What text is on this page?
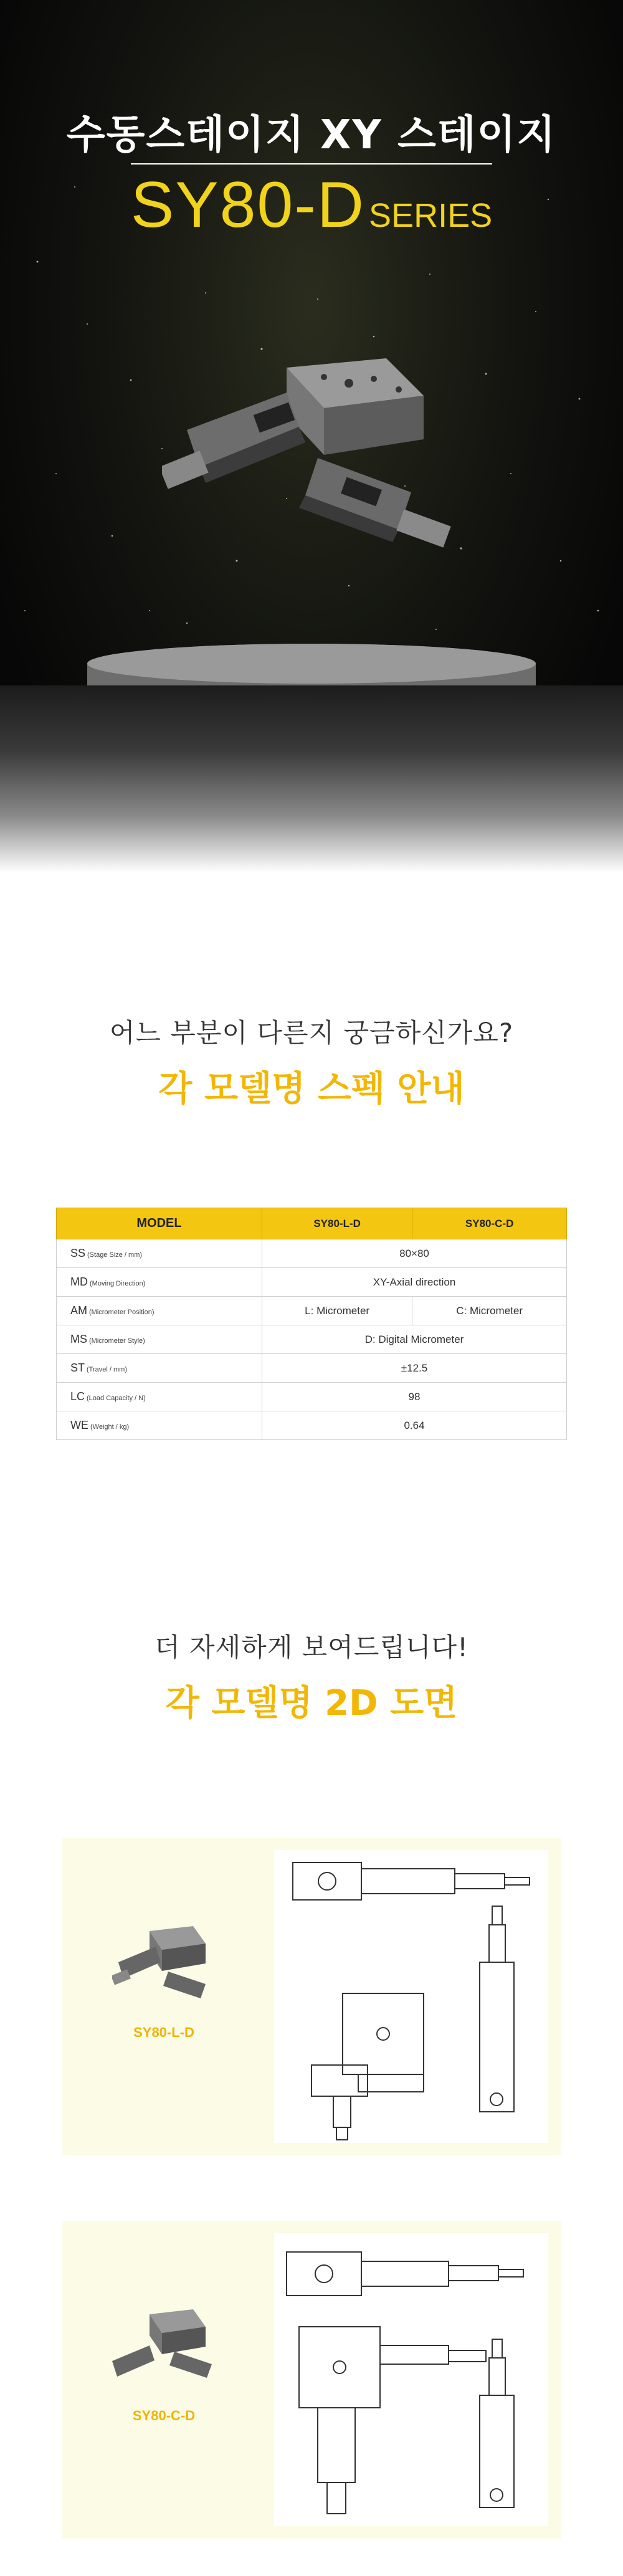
수동스테이지 XY 스테이지
SY80-D SERIES
어느 부분이 다른지 궁금하신가요?
각 모델명 스펙 안내
MODEL	SY80-L-D	SY80-C-D
SS (Stage Size / mm)	80×80	
MD (Moving Direction)	XY-Axial direction	
AM (Micrometer Position)	L: Micrometer	C: Micrometer
MS (Micrometer Style)	D: Digital Micrometer	
ST (Travel / mm)	±12.5	
LC (Load Capacity / N)	98	
WE (Weight / kg)	0.64	
더 자세하게 보여드립니다!
각 모델명 2D 도면
SY80-L-D
SY80-C-D
